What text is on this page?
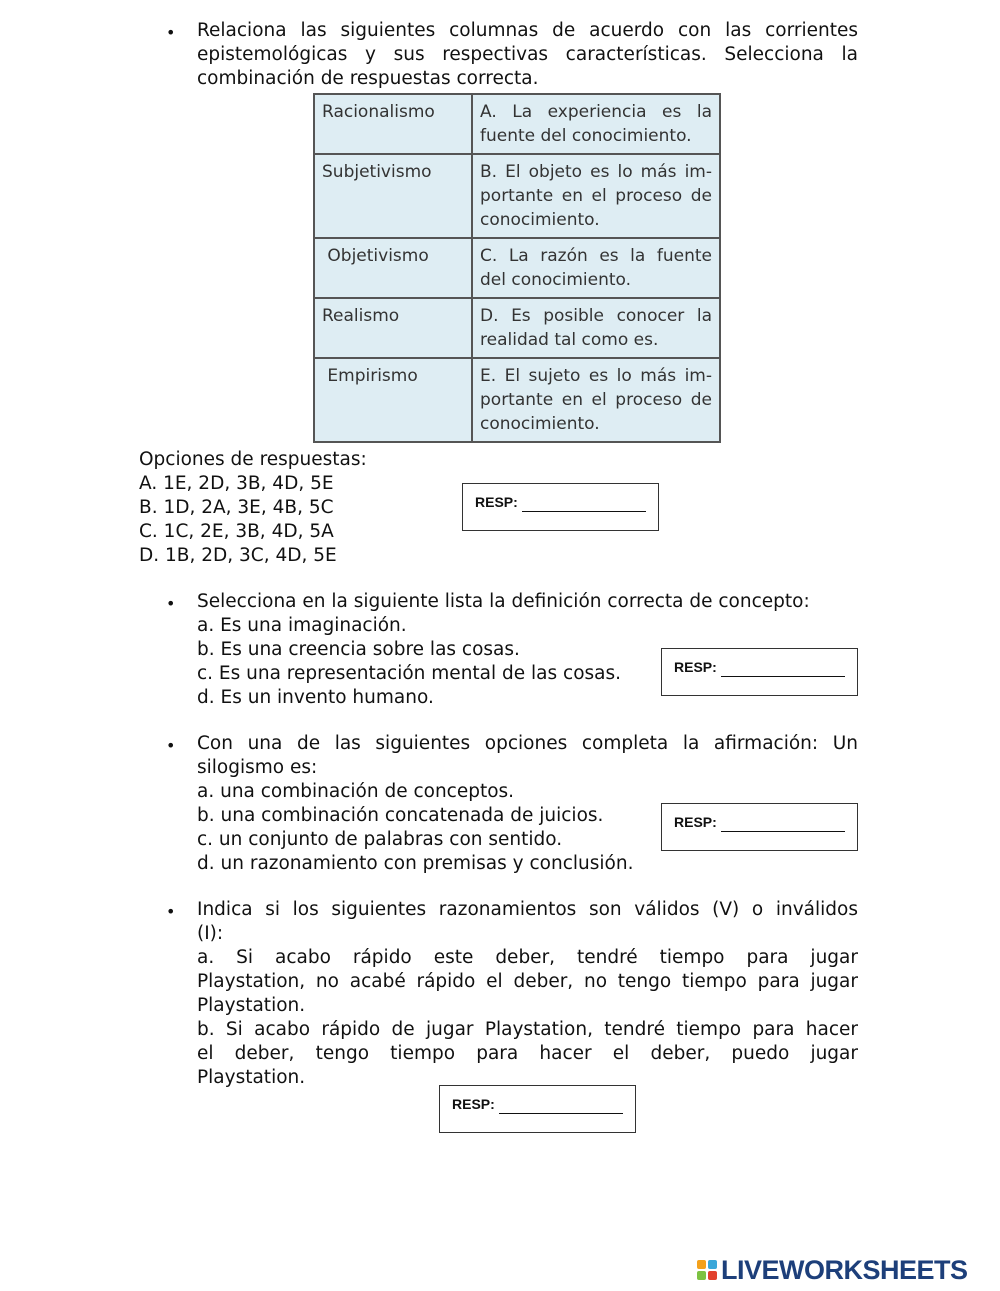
• Relaciona las siguientes columnas de acuerdo con las corrientes
epistemológicas y sus respectivas características. Selecciona la
combinación de respuestas correcta.
Racionalismo	A. La experiencia es la fuente del conocimiento.
Subjetivismo	B. El objeto es lo más im- portante en el proceso de conocimiento.
Objetivismo	C. La razón es la fuente del conocimiento.
Realismo	D. Es posible conocer la realidad tal como es.
Empirismo	E. El sujeto es lo más im- portante en el proceso de conocimiento.
Opciones de respuestas:
A. 1E, 2D, 3B, 4D, 5E
B. 1D, 2A, 3E, 4B, 5C
C. 1C, 2E, 3B, 4D, 5A
D. 1B, 2D, 3C, 4D, 5E
RESP:
• Selecciona en la siguiente lista la definición correcta de concepto:
a. Es una imaginación.
b. Es una creencia sobre las cosas.
c. Es una representación mental de las cosas.
d. Es un invento humano.
RESP:
• Con una de las siguientes opciones completa la afirmación: Un
silogismo es:
a. una combinación de conceptos.
b. una combinación concatenada de juicios.
c. un conjunto de palabras con sentido.
d. un razonamiento con premisas y conclusión.
RESP:
• Indica si los siguientes razonamientos son válidos (V) o inválidos
(I):
a. Si acabo rápido este deber, tendré tiempo para jugar
Playstation, no acabé rápido el deber, no tengo tiempo para jugar
Playstation.
b. Si acabo rápido de jugar Playstation, tendré tiempo para hacer
el deber, tengo tiempo para hacer el deber, puedo jugar
Playstation.
RESP:
LIVEWORKSHEETS
